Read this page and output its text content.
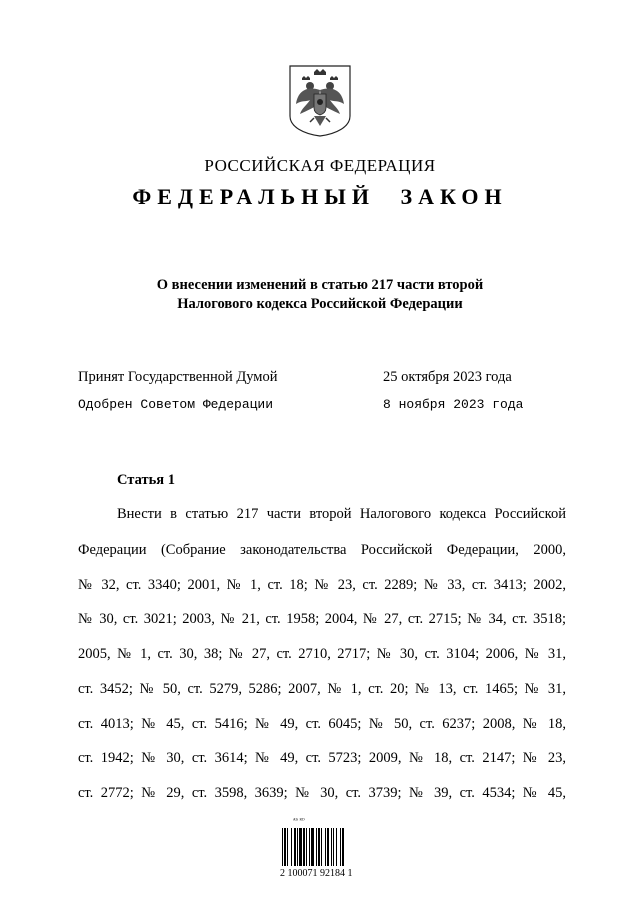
РОССИЙСКАЯ ФЕДЕРАЦИЯ
ФЕДЕРАЛЬНЫЙ ЗАКОН
О внесении изменений в статью 217 части второй
Налогового кодекса Российской Федерации
Принят Государственной Думой	25 октября 2023 года
Одобрен Советом Федерации	8 ноября 2023 года
Статья 1
Внести в статью 217 части второй Налогового кодекса Российской
Федерации (Собрание законодательства Российской Федерации, 2000,
№ 32, ст. 3340; 2001, № 1, ст. 18; № 23, ст. 2289; № 33, ст. 3413; 2002,
№ 30, ст. 3021; 2003, № 21, ст. 1958; 2004, № 27, ст. 2715; № 34, ст. 3518;
2005, № 1, ст. 30, 38; № 27, ст. 2710, 2717; № 30, ст. 3104; 2006, № 31,
ст. 3452; № 50, ст. 5279, 5286; 2007, № 1, ст. 20; № 13, ст. 1465; № 31,
ст. 4013; № 45, ст. 5416; № 49, ст. 6045; № 50, ст. 6237; 2008, № 18,
ст. 1942; № 30, ст. 3614; № 49, ст. 5723; 2009, № 18, ст. 2147; № 23,
ст. 2772; № 29, ст. 3598, 3639; № 30, ст. 3739; № 39, ст. 4534; № 45,
ᴬᴵˢ ᴿᴰ
2 100071 92184 1
